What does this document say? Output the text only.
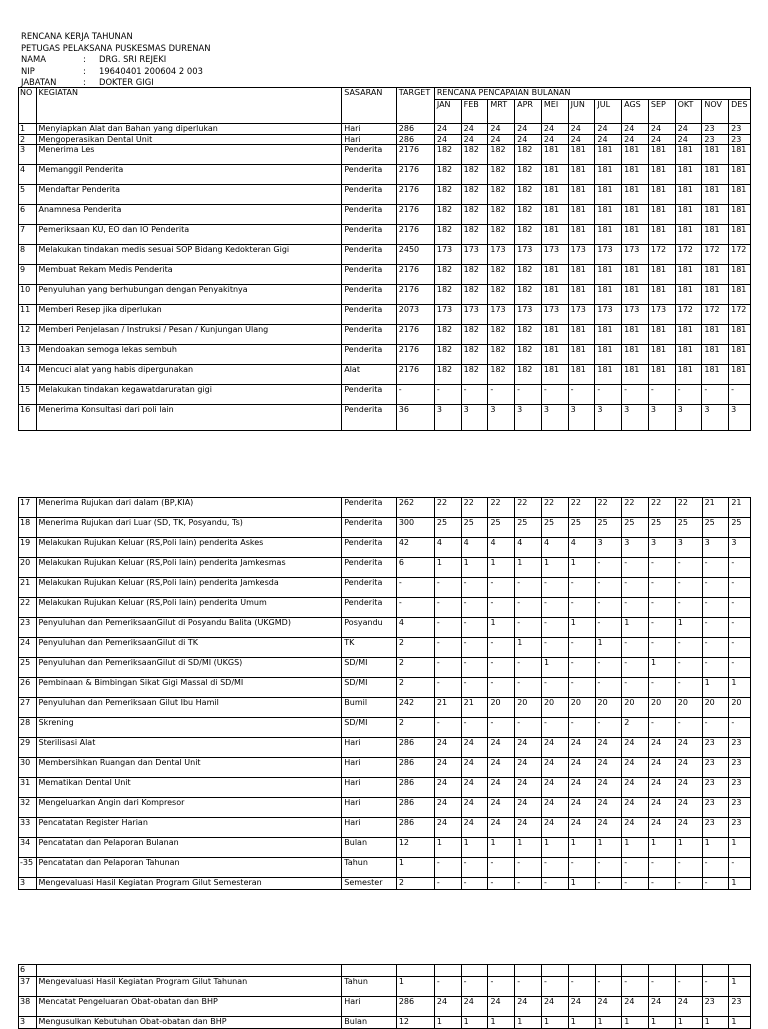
RENCANA KERJA TAHUNAN
PETUGAS PELAKSANA PUSKESMAS DURENAN
NAMA	: DRG. SRI REJEKI
NIP	: 19640401 200604 2 003
JABATAN	: DOKTER GIGI
NO	KEGIATAN	SASARAN	TARGET	RENCANA PENCAPAIAN BULANAN											
				JAN	FEB	MRT	APR	MEI	JUN	JUL	AGS	SEP	OKT	NOV	DES
1	Menyiapkan Alat dan Bahan yang diperlukan	Hari	286	24	24	24	24	24	24	24	24	24	24	23	23
2	Mengoperasikan Dental Unit	Hari	286	24	24	24	24	24	24	24	24	24	24	23	23
3	Menerima Les	Penderita	2176	182	182	182	182	181	181	181	181	181	181	181	181
4	Memanggil Penderita	Penderita	2176	182	182	182	182	181	181	181	181	181	181	181	181
5	Mendaftar Penderita	Penderita	2176	182	182	182	182	181	181	181	181	181	181	181	181
6	Anamnesa Penderita	Penderita	2176	182	182	182	182	181	181	181	181	181	181	181	181
7	Pemeriksaan KU, EO dan IO Penderita	Penderita	2176	182	182	182	182	181	181	181	181	181	181	181	181
8	Melakukan tindakan medis sesuai SOP Bidang Kedokteran Gigi	Penderita	2450	173	173	173	173	173	173	173	173	172	172	172	172
9	Membuat Rekam Medis Penderita	Penderita	2176	182	182	182	182	181	181	181	181	181	181	181	181
10	Penyuluhan yang berhubungan dengan Penyakitnya	Penderita	2176	182	182	182	182	181	181	181	181	181	181	181	181
11	Memberi Resep jika diperlukan	Penderita	2073	173	173	173	173	173	173	173	173	173	172	172	172
12	Memberi Penjelasan / Instruksi / Pesan / Kunjungan Ulang	Penderita	2176	182	182	182	182	181	181	181	181	181	181	181	181
13	Mendoakan semoga lekas sembuh	Penderita	2176	182	182	182	182	181	181	181	181	181	181	181	181
14	Mencuci alat yang habis dipergunakan	Alat	2176	182	182	182	182	181	181	181	181	181	181	181	181
15	Melakukan tindakan kegawatdaruratan gigi	Penderita	-	-	-	-	-	-	-	-	-	-	-	-	-
16	Menerima Konsultasi dari poli lain	Penderita	36	3	3	3	3	3	3	3	3	3	3	3	3
17	Menerima Rujukan dari dalam (BP,KIA)	Penderita	262	22	22	22	22	22	22	22	22	22	22	21	21
18	Menerima Rujukan dari Luar (SD, TK, Posyandu, Ts)	Penderita	300	25	25	25	25	25	25	25	25	25	25	25	25
19	Melakukan Rujukan Keluar (RS,Poli lain) penderita Askes	Penderita	42	4	4	4	4	4	4	3	3	3	3	3	3
20	Melakukan Rujukan Keluar (RS,Poli lain) penderita Jamkesmas	Penderita	6	1	1	1	1	1	1	-	-	-	-	-	-
21	Melakukan Rujukan Keluar (RS,Poli lain) penderita Jamkesda	Penderita	-	-	-	-	-	-	-	-	-	-	-	-	-
22	Melakukan Rujukan Keluar (RS,Poli lain) penderita Umum	Penderita	-	-	-	-	-	-	-	-	-	-	-	-	-
23	Penyuluhan dan PemeriksaanGilut di Posyandu Balita (UKGMD)	Posyandu	4	-	-	1	-	-	1	-	1	-	1	-	-
24	Penyuluhan dan PemeriksaanGilut di TK	TK	2	-	-	-	1	-	-	1	-	-	-	-	-
25	Penyuluhan dan PemeriksaanGilut di SD/MI (UKGS)	SD/MI	2	-	-	-	-	1	-	-	-	1	-	-	-
26	Pembinaan & Bimbingan Sikat Gigi Massal di SD/MI	SD/MI	2	-	-	-	-	-	-	-	-	-	-	1	1
27	Penyuluhan dan Pemeriksaan Gilut Ibu Hamil	Bumil	242	21	21	20	20	20	20	20	20	20	20	20	20
28	Skrening	SD/MI	2	-	-	-	-	-	-	-	2	-	-	-	-
29	Sterilisasi Alat	Hari	286	24	24	24	24	24	24	24	24	24	24	23	23
30	Membersihkan Ruangan dan Dental Unit	Hari	286	24	24	24	24	24	24	24	24	24	24	23	23
31	Mematikan Dental Unit	Hari	286	24	24	24	24	24	24	24	24	24	24	23	23
32	Mengeluarkan Angin dari Kompresor	Hari	286	24	24	24	24	24	24	24	24	24	24	23	23
33	Pencatatan Register Harian	Hari	286	24	24	24	24	24	24	24	24	24	24	23	23
34	Pencatatan dan Pelaporan Bulanan	Bulan	12	1	1	1	1	1	1	1	1	1	1	1	1
-35	Pencatatan dan Pelaporan Tahunan	Tahun	1	-	-	-	-	-	-	-	-	-	-	-	-
3	Mengevaluasi Hasil Kegiatan Program Gilut Semesteran	Semester	2	-	-	-	-	-	1	-	-	-	-	-	1
6															
37	Mengevaluasi Hasil Kegiatan Program Gilut Tahunan	Tahun	1	-	-	-	-	-	-	-	-	-	-	-	1
38	Mencatat Pengeluaran Obat-obatan dan BHP	Hari	286	24	24	24	24	24	24	24	24	24	24	23	23
3	Mengusulkan Kebutuhan Obat-obatan dan BHP	Bulan	12	1	1	1	1	1	1	1	1	1	1	1	1
